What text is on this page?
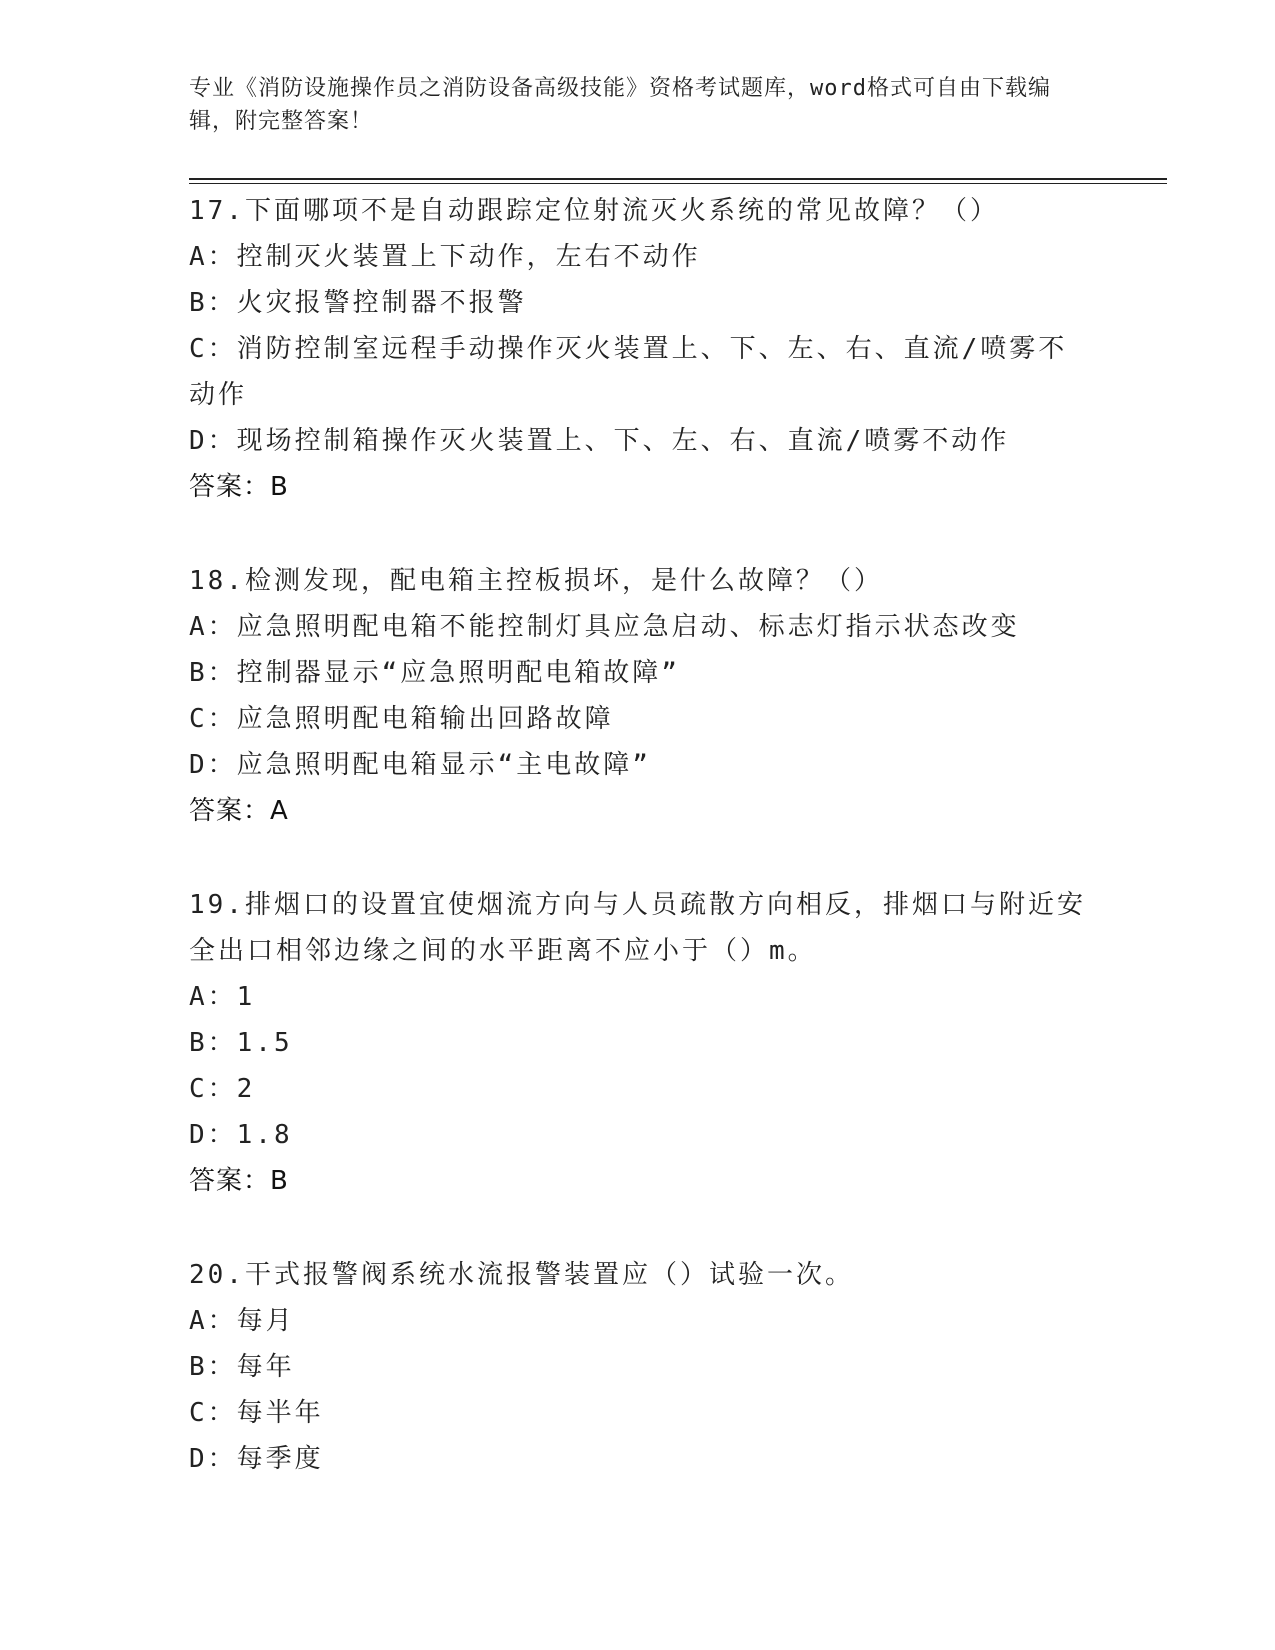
专业《消防设施操作员之消防设备高级技能》资格考试题库，word格式可自由下载编辑，附完整答案！
17.下面哪项不是自动跟踪定位射流灭火系统的常见故障？（）
A：控制灭火装置上下动作，左右不动作
B：火灾报警控制器不报警
C：消防控制室远程手动操作灭火装置上、下、左、右、直流/喷雾不
动作
D：现场控制箱操作灭火装置上、下、左、右、直流/喷雾不动作
答案：B
18.检测发现，配电箱主控板损坏，是什么故障？（）
A：应急照明配电箱不能控制灯具应急启动、标志灯指示状态改变
B：控制器显示“应急照明配电箱故障”
C：应急照明配电箱输出回路故障
D：应急照明配电箱显示“主电故障”
答案：A
19.排烟口的设置宜使烟流方向与人员疏散方向相反，排烟口与附近安
全出口相邻边缘之间的水平距离不应小于（）m。
A：1
B：1.5
C：2
D：1.8
答案：B
20.干式报警阀系统水流报警装置应（）试验一次。
A：每月
B：每年
C：每半年
D：每季度
